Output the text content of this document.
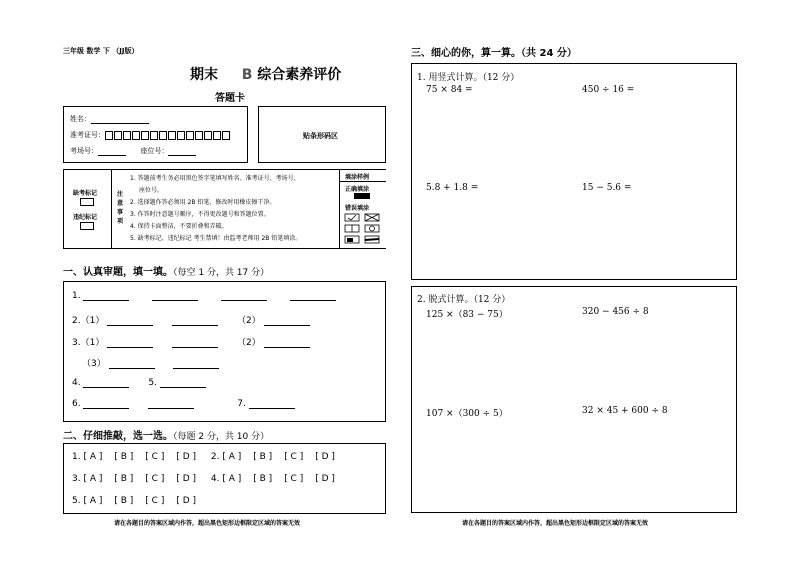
三年级 数学 下 （JJ版）
期末 B 综合素养评价
答题卡
姓名：
准考证号：
考场号：	座位号：
贴条形码区
缺考标记
违纪标记
注意事项
1. 答题前考生务必用黑色签字笔填写姓名、准考证号、考场号、
座位号。
2. 选择题作答必须用 2B 铅笔，修改时用橡皮擦干净。
3. 作答时注意题号顺序，不得更改题号和答题位置。
4. 保持卡面整洁，不要折叠和弄破。
5. 缺考标记、违纪标记 考生禁填！由监考老师用 2B 铅笔填涂。
填涂样例
正确填涂
错误填涂
一、认真审题，填一填。（每空 1 分，共 17 分）
1.
2.（1）	（2）
3.（1）	（2）
（3）
4.	5.
6.	7.
二、仔细推敲，选一选。（每题 2 分，共 10 分）
1. [ A ] [ B ] [ C ] [ D ] 2. [ A ] [ B ] [ C ] [ D ]
3. [ A ] [ B ] [ C ] [ D ] 4. [ A ] [ B ] [ C ] [ D ]
5. [ A ] [ B ] [ C ] [ D ]
请在各题目的答案区域内作答，超出黑色矩形边框限定区域的答案无效
三、细心的你，算一算。（共 24 分）
1. 用竖式计算。（12 分）
75 × 84 =	450 ÷ 16 =
5.8 + 1.8 =	15 − 5.6 =
2. 脱式计算。（12 分）
125 ×（83 − 75）	320 − 456 ÷ 8
107 ×（300 ÷ 5）	32 × 45 + 600 ÷ 8
请在各题目的答案区域内作答，超出黑色矩形边框限定区域的答案无效
